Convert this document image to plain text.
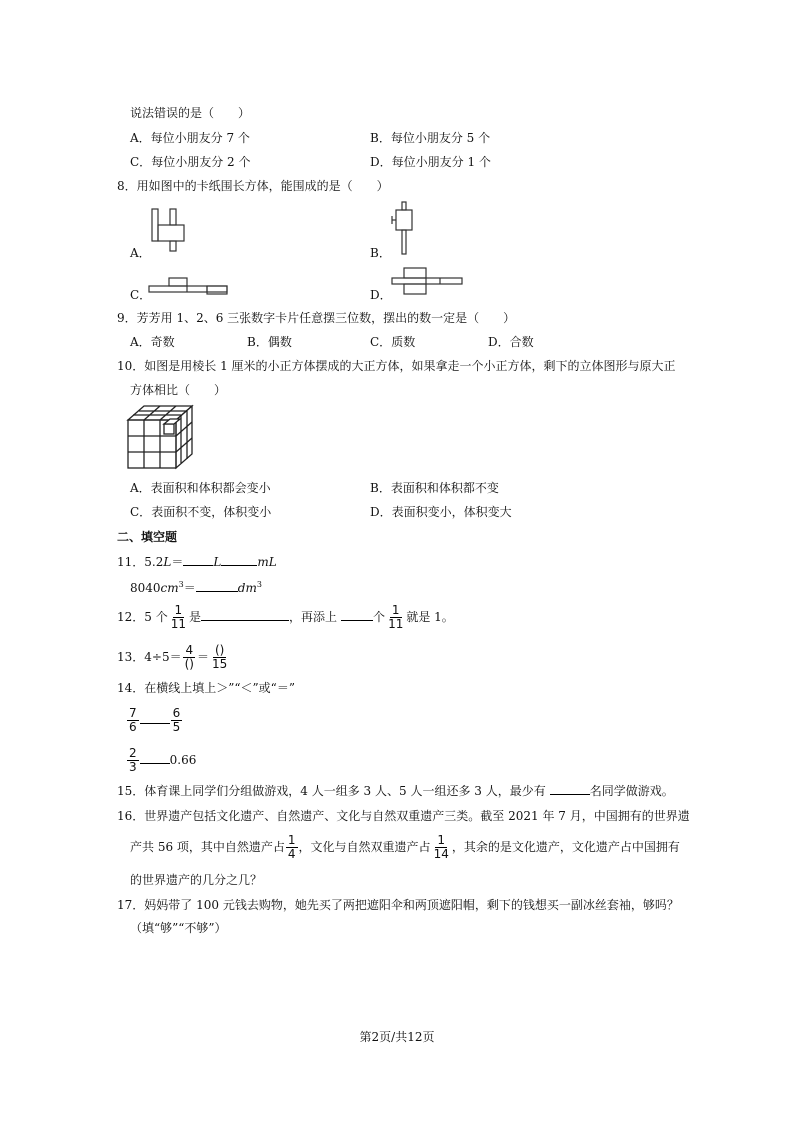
说法错误的是（　　）
A．每位小朋友分 7 个	B．每位小朋友分 5 个
C．每位小朋友分 2 个	D．每位小朋友分 1 个
8．用如图中的卡纸围长方体，能围成的是（　　）
A．	B．
C．	D．
9．芳芳用 1、2、6 三张数字卡片任意摆三位数，摆出的数一定是（　　）
A．奇数	B．偶数	C．质数	D．合数
10．如图是用棱长 1 厘米的小正方体摆成的大正方体，如果拿走一个小正方体，剩下的立体图形与原大正
方体相比（　　）
A．表面积和体积都会变小	B．表面积和体积都不变
C．表面积不变，体积变小	D．表面积变小，体积变大
二、填空题
11．5.2L＝	L	mL
$8040cm^3=$	$dm^3$
12．5 个 $\frac{1}{11}$ 是	，再添上	个 $\frac{1}{11}$ 就是 1。
13．$4\div 5= \frac{4}{()} = \frac{()}{15}$
14．在横线上填上＞”“＜”或“＝”
$\frac{7}{6}$	$\frac{6}{5}$
$\frac{2}{3}$	0.66
15．体育课上同学们分组做游戏，4 人一组多 3 人、5 人一组还多 3 人，最少有	名同学做游戏。
16．世界遗产包括文化遗产、自然遗产、文化与自然双重遗产三类。截至 2021 年 7 月，中国拥有的世界遗
产共 56 项，其中自然遗产占 $\frac{1}{4}$ ，文化与自然双重遗产占 $\frac{1}{14}$ ，其余的是文化遗产，文化遗产占中国拥有
的世界遗产的几分之几？
17．妈妈带了 100 元钱去购物，她先买了两把遮阳伞和两顶遮阳帽，剩下的钱想买一副冰丝套袖，够吗？
（填“够”“不够”）
第2页/共12页
